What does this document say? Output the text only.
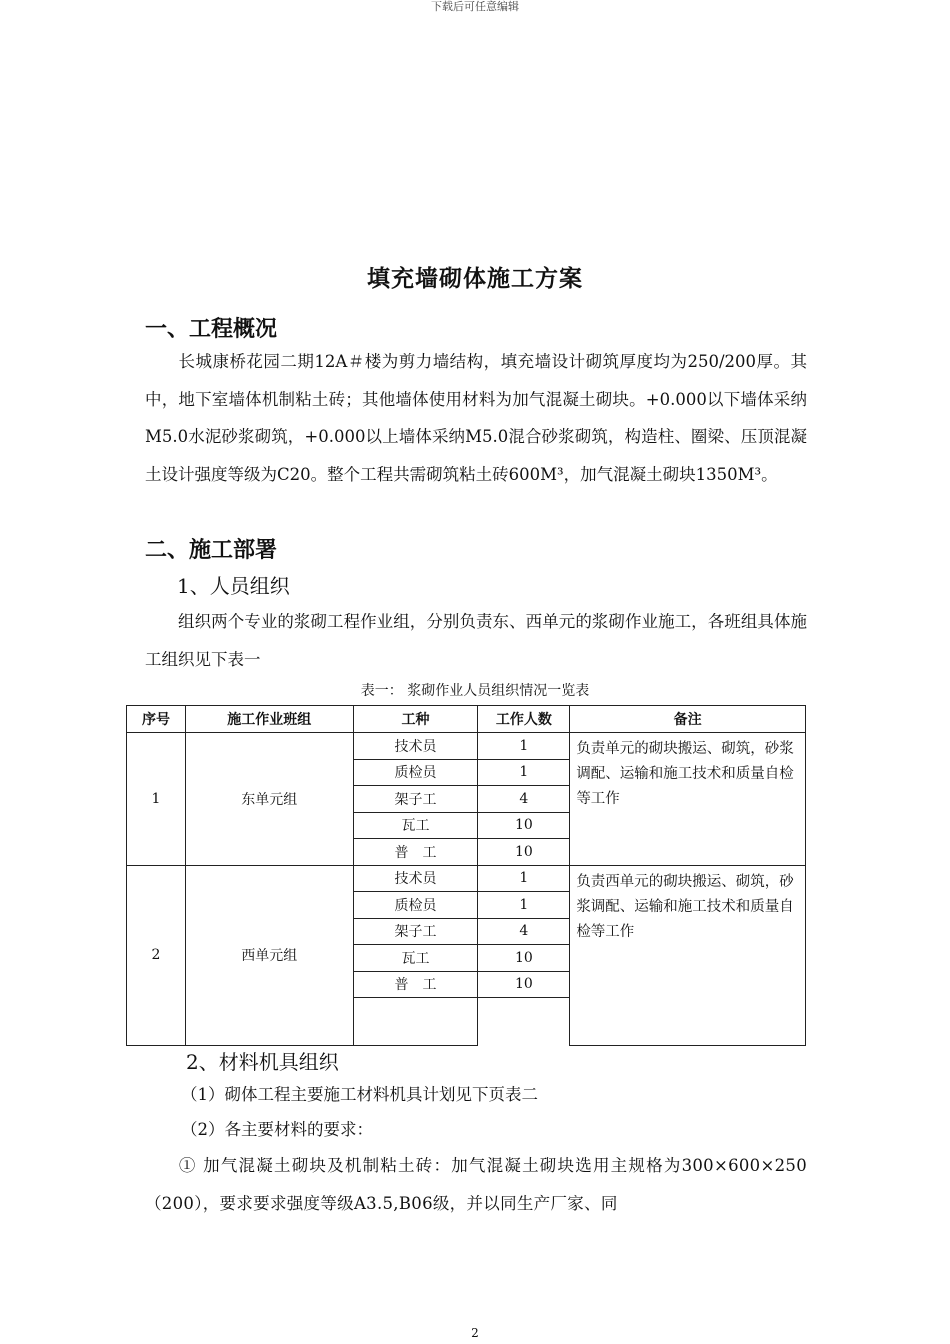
下载后可任意编辑
填充墙砌体施工方案
一、工程概况

长城康桥花园二期12A＃楼为剪力墙结构，填充墙设计砌筑厚度均为250/200厚。其中，地下室墙体机制粘土砖；其他墙体使用材料为加气混凝土砌块。+0.000以下墙体采纳M5.0水泥砂浆砌筑，+0.000以上墙体采纳M5.0混合砂浆砌筑，构造柱、圈梁、压顶混凝土设计强度等级为C20。整个工程共需砌筑粘土砖600M³，加气混凝土砌块1350M³。

二、施工部署
1、人员组织

组织两个专业的浆砌工程作业组，分别负责东、西单元的浆砌作业施工，各班组具体施工组织见下表一

表一： 浆砌作业人员组织情况一览表
序号	施工作业班组	工种	工作人数	备注
1	东单元组	技术员	1	负责单元的砌块搬运、砌筑，砂浆调配、运输和施工技术和质量自检等工作
		质检员	1	
		架子工	4	
		瓦工	10	
		普　工	10	
2	西单元组	技术员	1	负责西单元的砌块搬运、砌筑，砂浆调配、运输和施工技术和质量自检等工作
		质检员	1	
		架子工	4	
		瓦工	10	
		普　工	10	

2、材料机具组织
（1）砌体工程主要施工材料机具计划见下页表二
（2）各主要材料的要求：

① 加气混凝土砌块及机制粘土砖：加气混凝土砌块选用主规格为300×600×250（200），要求要求强度等级A3.5,B06级，并以同生产厂家、同

2
